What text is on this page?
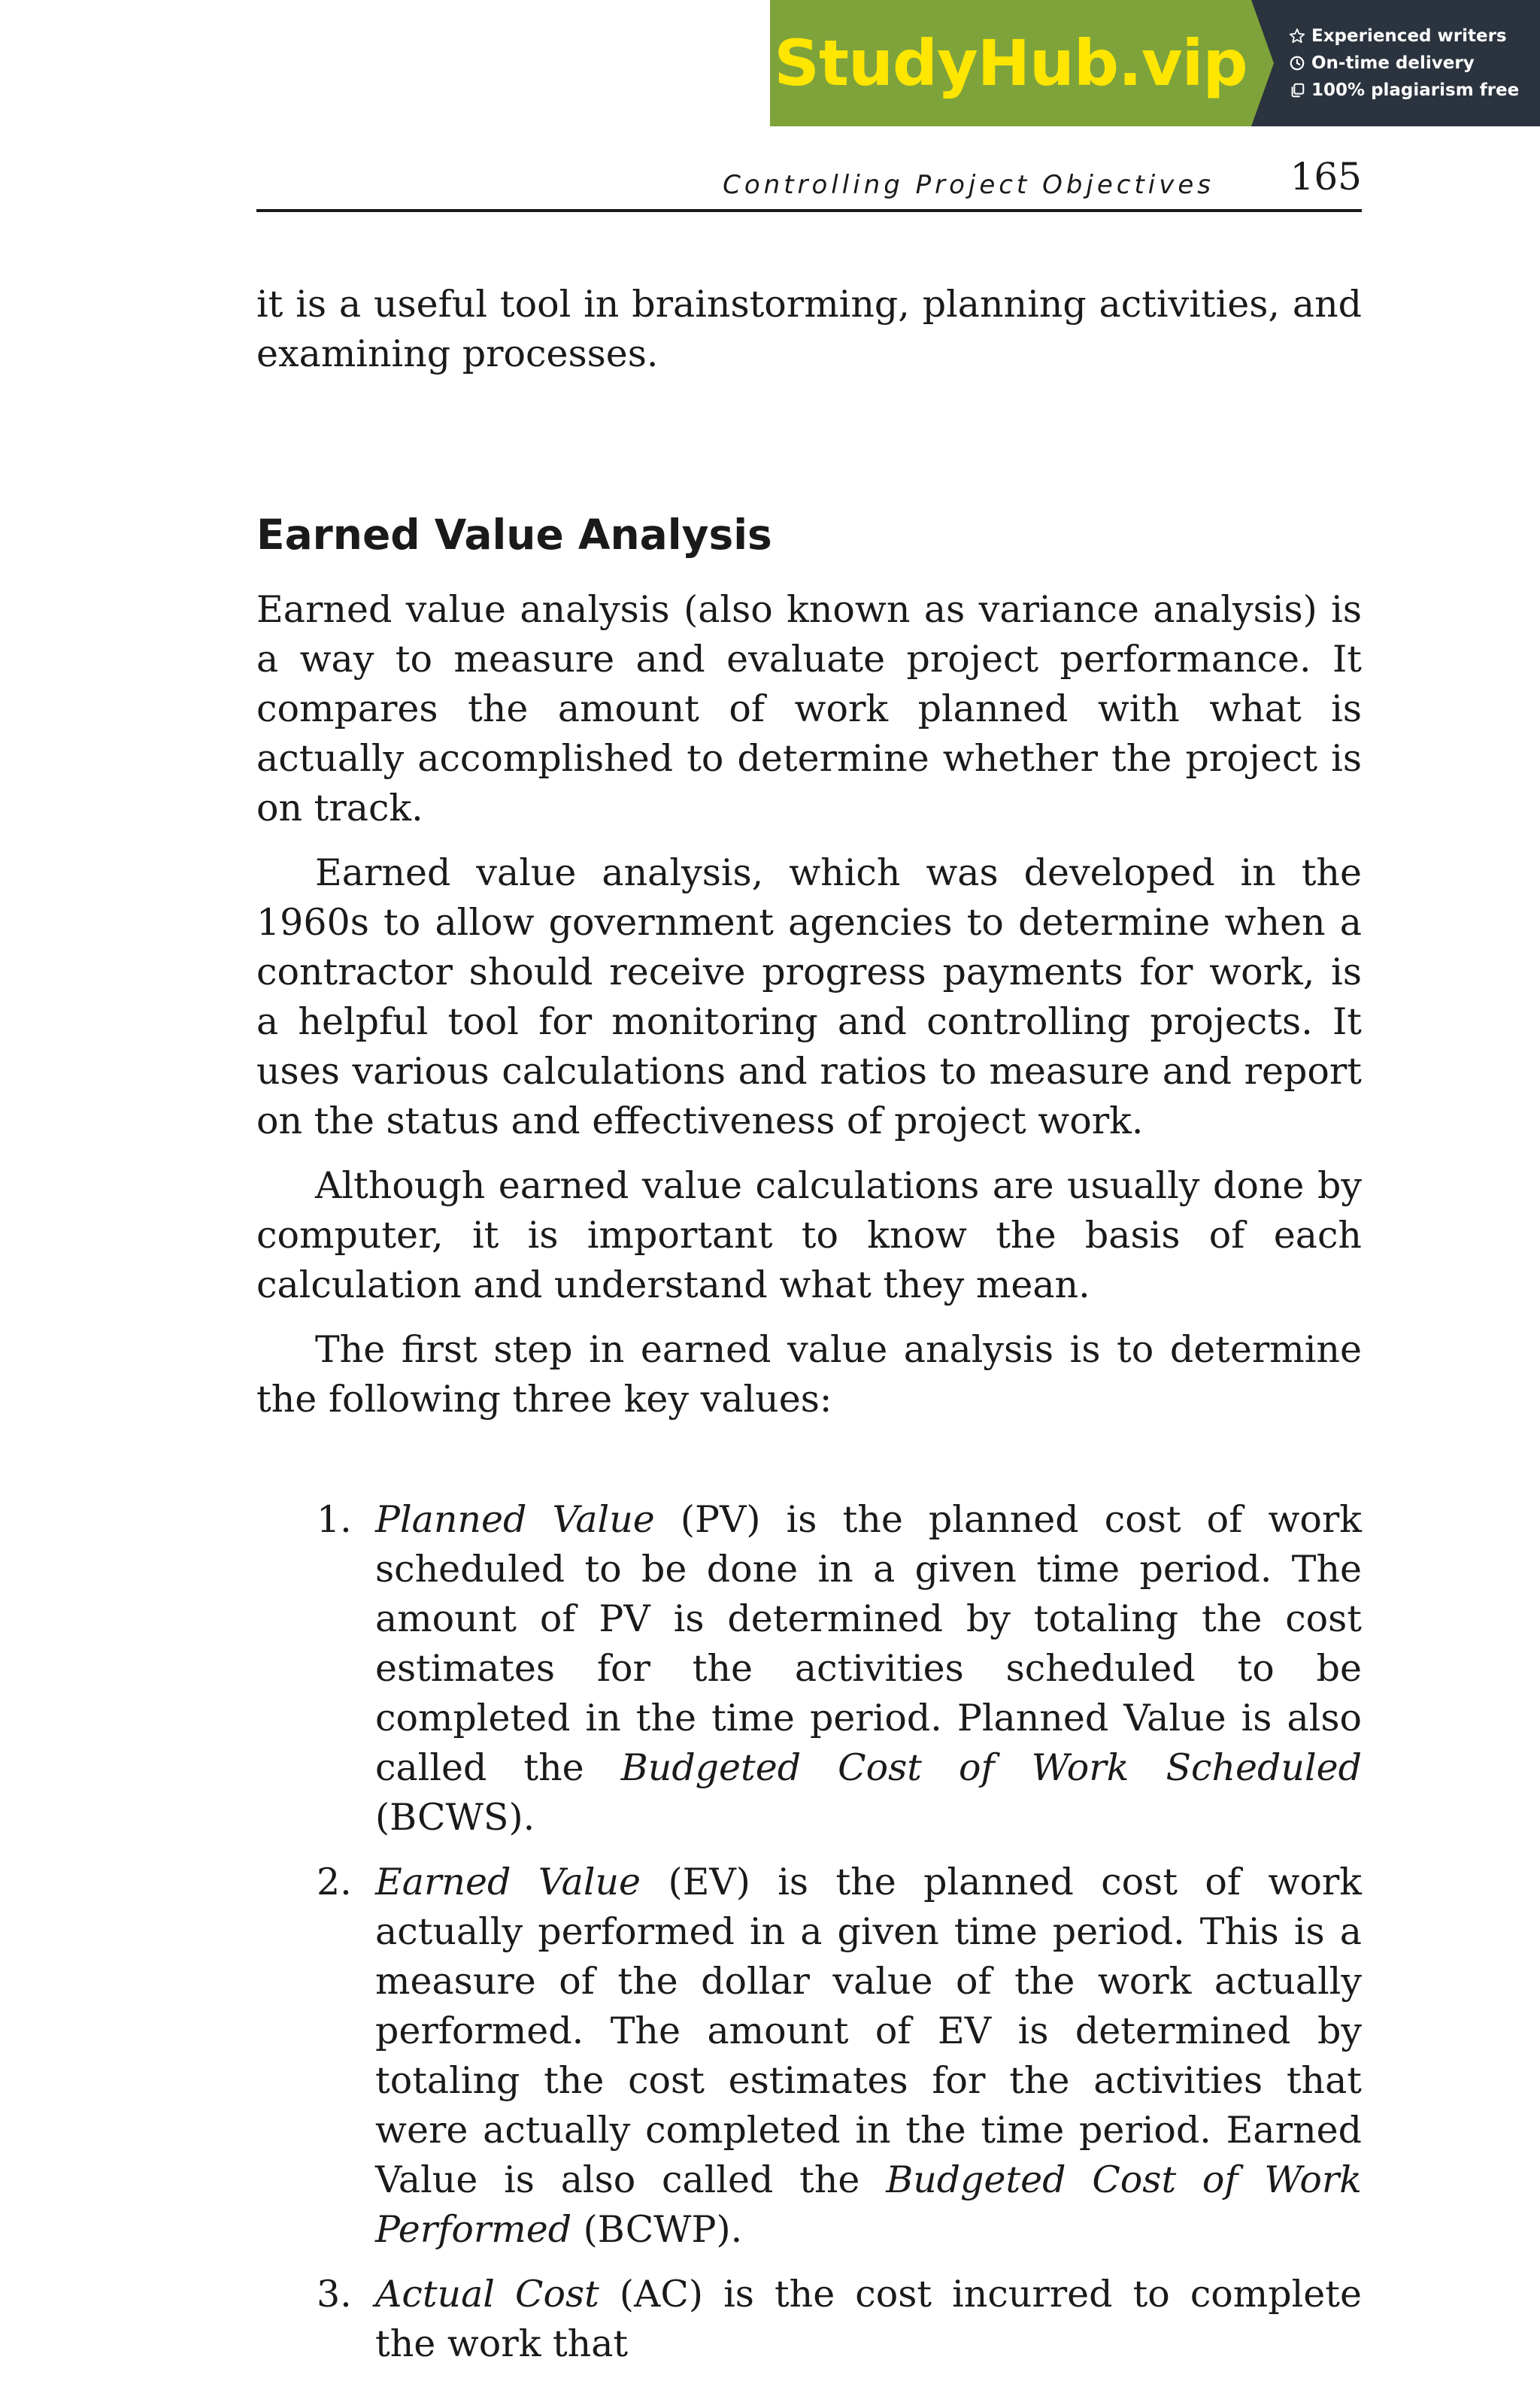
StudyHub.vip	Experienced writers
On-time delivery
100% plagiarism free
Controlling Project Objectives 165

it is a useful tool in brainstorming, planning activities, and examining processes.

Earned Value Analysis

Earned value analysis (also known as variance analysis) is a way to measure and evaluate project performance. It compares the amount of work planned with what is actually accomplished to determine whether the project is on track.

Earned value analysis, which was developed in the 1960s to allow government agencies to determine when a contractor should receive progress payments for work, is a helpful tool for monitoring and controlling projects. It uses various calculations and ratios to measure and report on the status and effectiveness of project work.

Although earned value calculations are usually done by computer, it is important to know the basis of each calculation and understand what they mean.

The first step in earned value analysis is to determine the following three key values:

1. Planned Value (PV) is the planned cost of work scheduled to be done in a given time period. The amount of PV is determined by totaling the cost estimates for the activities scheduled to be completed in the time period. Planned Value is also called the Budgeted Cost of Work Scheduled (BCWS).
2. Earned Value (EV) is the planned cost of work actually performed in a given time period. This is a measure of the dollar value of the work actually performed. The amount of EV is determined by totaling the cost estimates for the activities that were actually completed in the time period. Earned Value is also called the Budgeted Cost of Work Performed (BCWP).
3. Actual Cost (AC) is the cost incurred to complete the work that
